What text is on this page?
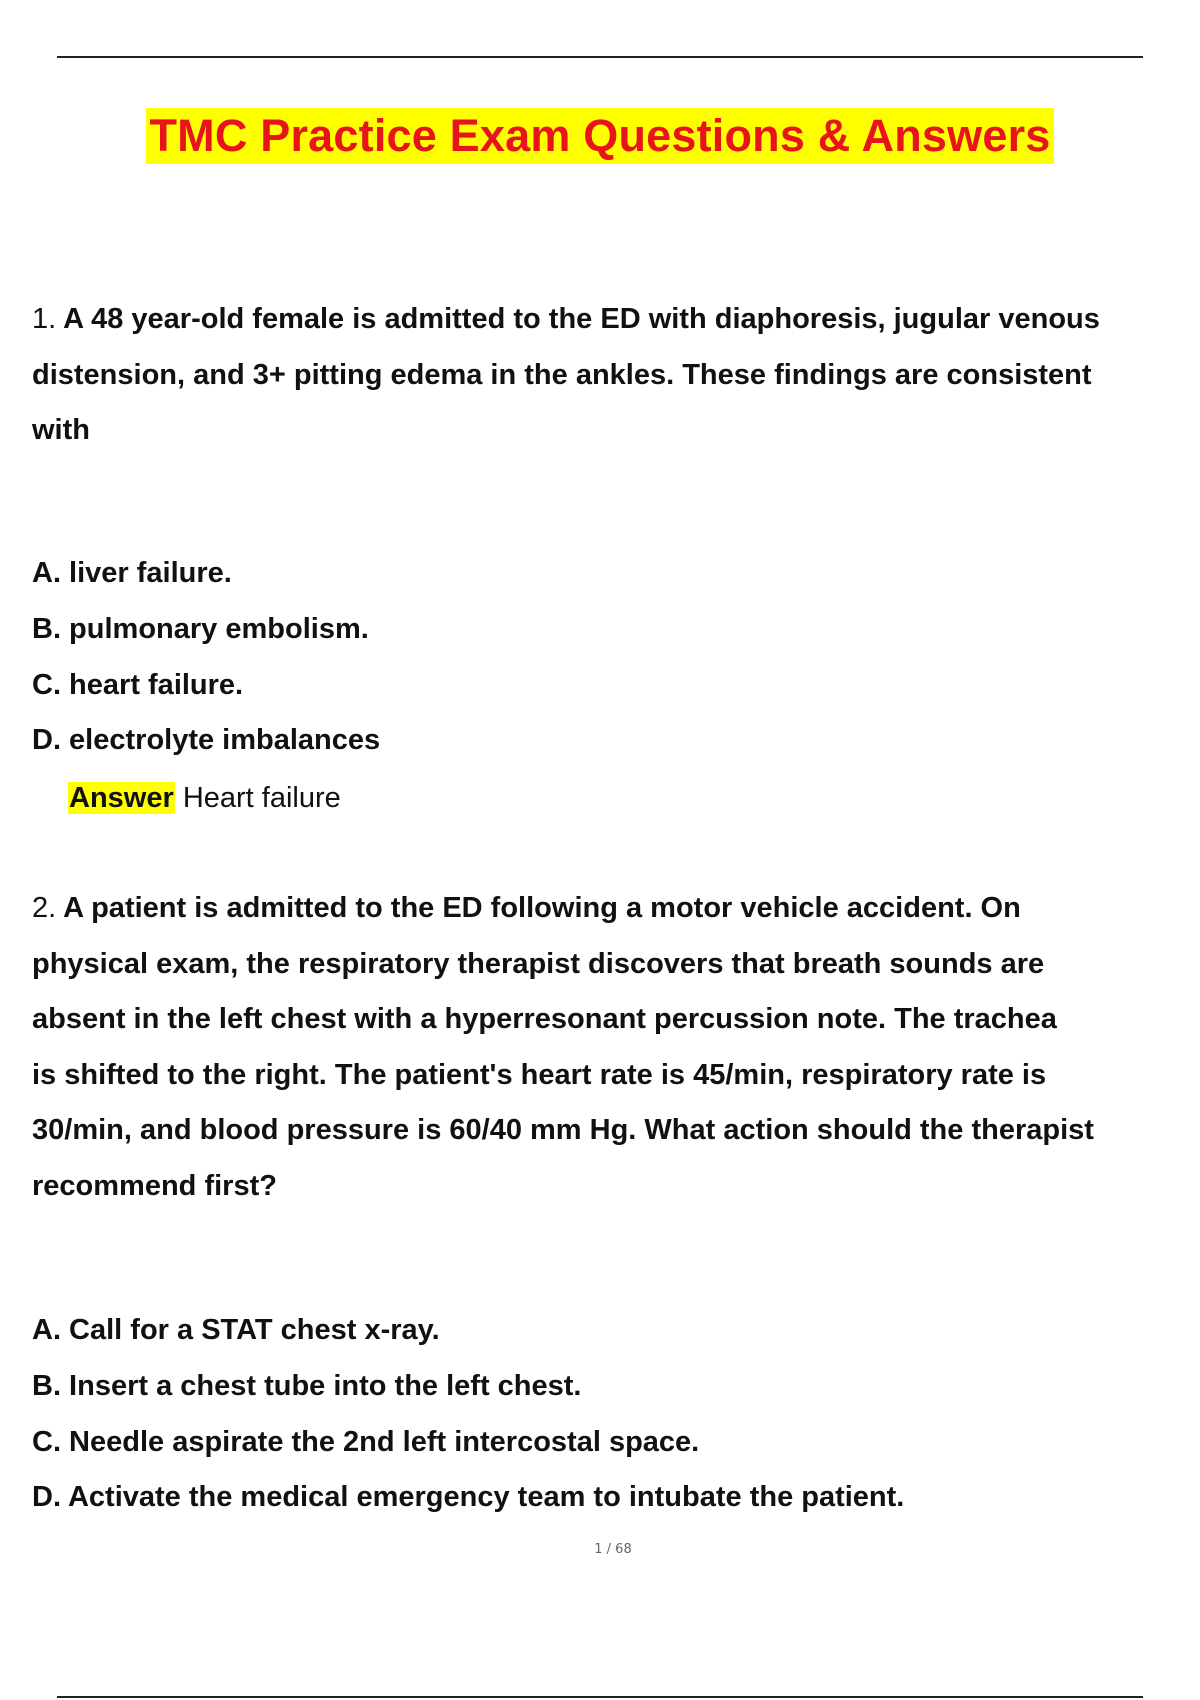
TMC Practice Exam Questions & Answers
1. A 48 year-old female is admitted to the ED with diaphoresis, jugular venous
distension, and 3+ pitting edema in the ankles. These findings are consistent
with
A. liver failure.
B. pulmonary embolism.
C. heart failure.
D. electrolyte imbalances
Answer Heart failure
2. A patient is admitted to the ED following a motor vehicle accident. On
physical exam, the respiratory therapist discovers that breath sounds are
absent in the left chest with a hyperresonant percussion note. The trachea
is shifted to the right. The patient's heart rate is 45/min, respiratory rate is
30/min, and blood pressure is 60/40 mm Hg. What action should the therapist
recommend first?
A. Call for a STAT chest x-ray.
B. Insert a chest tube into the left chest.
C. Needle aspirate the 2nd left intercostal space.
D. Activate the medical emergency team to intubate the patient.
1 / 68
